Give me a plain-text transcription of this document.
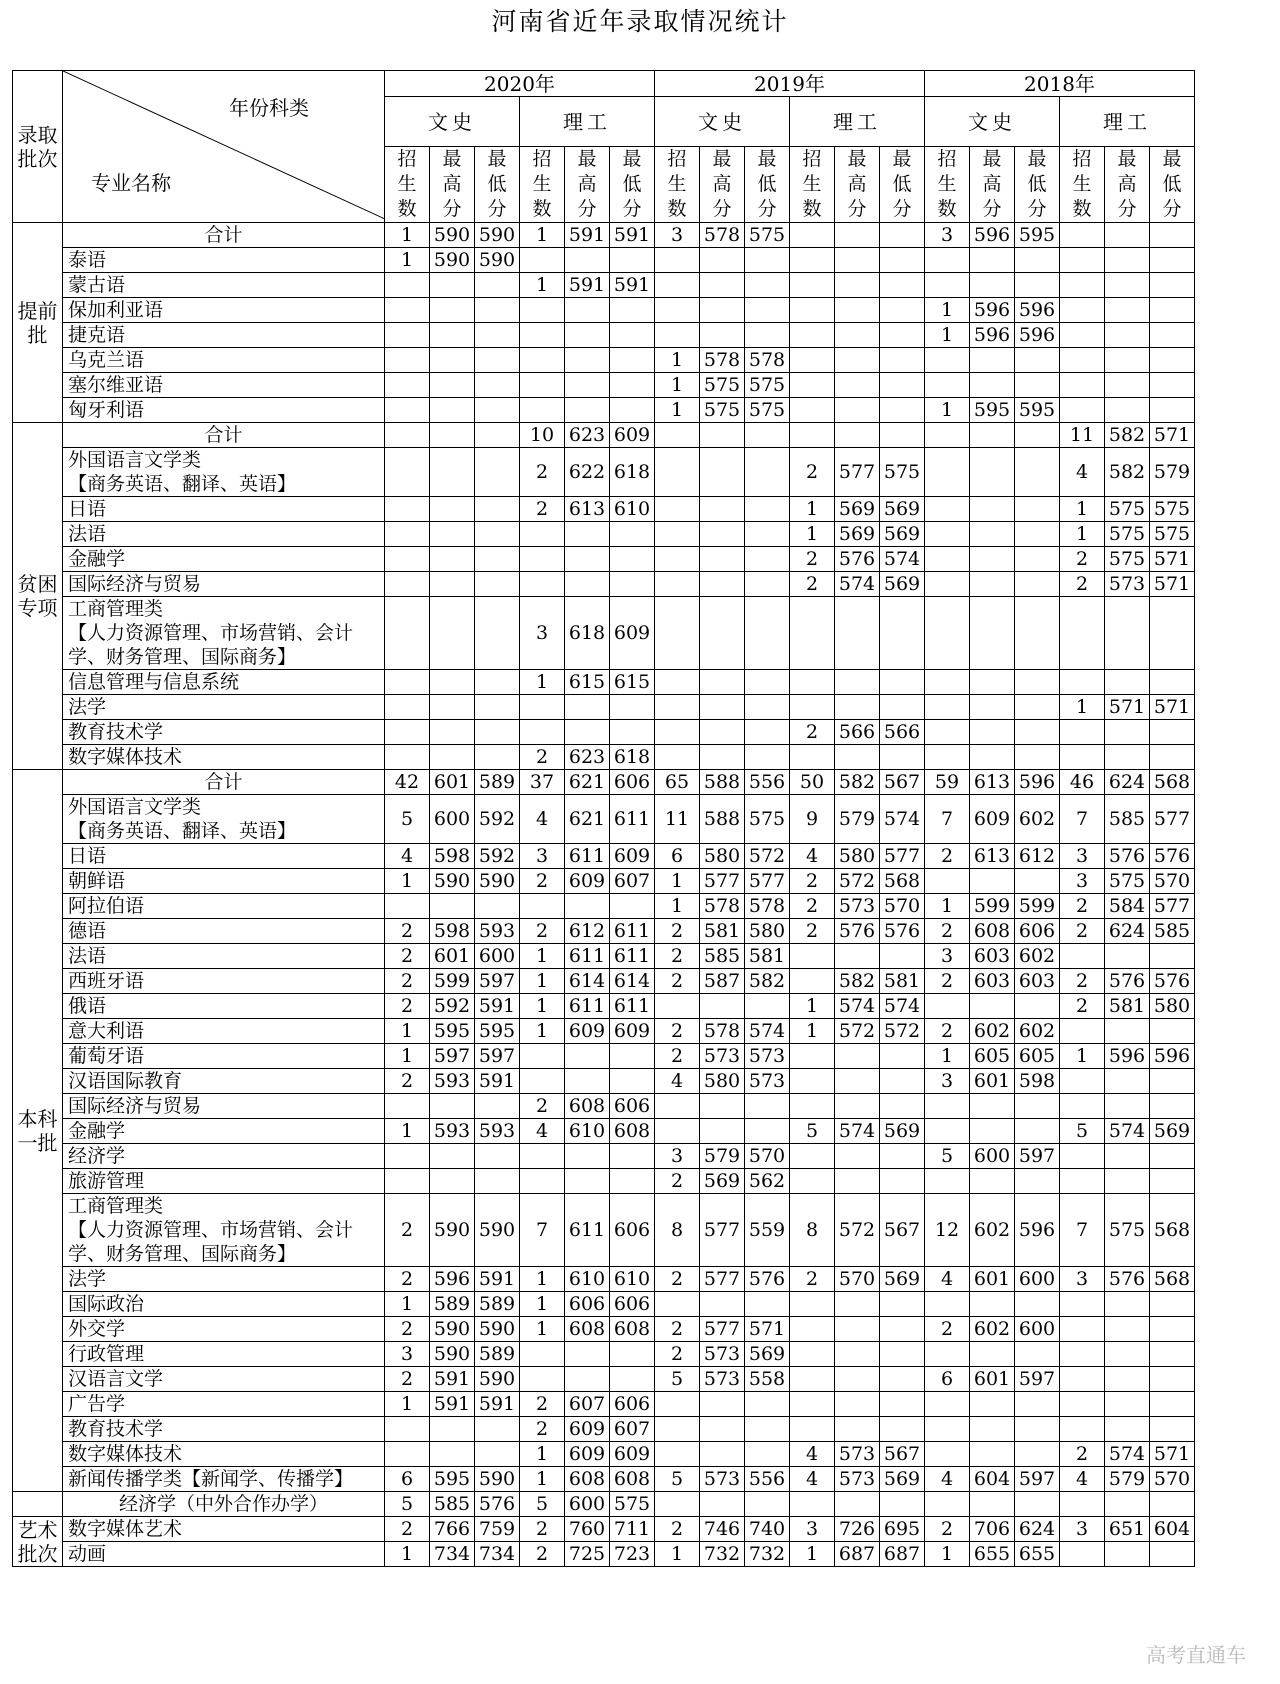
河南省近年录取情况统计
录取批次	年份科类
专业名称	2020年						2019年						2018年					
		文史			理工			文史			理工			文史			理工		
		招生数	最高分	最低分	招生数	最高分	最低分	招生数	最高分	最低分	招生数	最高分	最低分	招生数	最高分	最低分	招生数	最高分	最低分
提前批	合计	1	590	590	1	591	591	3	578	575				3	596	595			
	泰语	1	590	590															
	蒙古语				1	591	591												
	保加利亚语													1	596	596			
	捷克语													1	596	596			
	乌克兰语							1	578	578									
	塞尔维亚语							1	575	575									
	匈牙利语							1	575	575				1	595	595			
贫困专项	合计				10	623	609										11	582	571

	外国语言文学类
【商务英语、翻译、英语】				2	622	618				2	577	575				4	582	579
	日语				2	613	610				1	569	569				1	575	575
	法语										1	569	569				1	575	575
	金融学										2	576	574				2	575	571
	国际经济与贸易										2	574	569				2	573	571

	工商管理类
【人力资源管理、市场营销、会计学、财务管理、国际商务】				3	618	609												
	信息管理与信息系统				1	615	615												
	法学																1	571	571
	教育技术学										2	566	566						
	数字媒体技术				2	623	618												
本科一批	合计	42	601	589	37	621	606	65	588	556	50	582	567	59	613	596	46	624	568

	外国语言文学类
【商务英语、翻译、英语】	5	600	592	4	621	611	11	588	575	9	579	574	7	609	602	7	585	577
	日语	4	598	592	3	611	609	6	580	572	4	580	577	2	613	612	3	576	576
	朝鲜语	1	590	590	2	609	607	1	577	577	2	572	568				3	575	570
	阿拉伯语							1	578	578	2	573	570	1	599	599	2	584	577
	德语	2	598	593	2	612	611	2	581	580	2	576	576	2	608	606	2	624	585
	法语	2	601	600	1	611	611	2	585	581				3	603	602			
	西班牙语	2	599	597	1	614	614	2	587	582		582	581	2	603	603	2	576	576
	俄语	2	592	591	1	611	611				1	574	574				2	581	580
	意大利语	1	595	595	1	609	609	2	578	574	1	572	572	2	602	602			
	葡萄牙语	1	597	597				2	573	573				1	605	605	1	596	596
	汉语国际教育	2	593	591				4	580	573				3	601	598			
	国际经济与贸易				2	608	606												
	金融学	1	593	593	4	610	608				5	574	569				5	574	569
	经济学							3	579	570				5	600	597			
	旅游管理							2	569	562									

	工商管理类
【人力资源管理、市场营销、会计学、财务管理、国际商务】	2	590	590	7	611	606	8	577	559	8	572	567	12	602	596	7	575	568
	法学	2	596	591	1	610	610	2	577	576	2	570	569	4	601	600	3	576	568
	国际政治	1	589	589	1	606	606												
	外交学	2	590	590	1	608	608	2	577	571				2	602	600			
	行政管理	3	590	589				2	573	569									
	汉语言文学	2	591	590				5	573	558				6	601	597			
	广告学	1	591	591	2	607	606												
	教育技术学				2	609	607												
	数字媒体技术				1	609	609				4	573	567				2	574	571
	新闻传播学类【新闻学、传播学】	6	595	590	1	608	608	5	573	556	4	573	569	4	604	597	4	579	570
	经济学（中外合作办学）	5	585	576	5	600	575												
艺术批次	数字媒体艺术	2	766	759	2	760	711	2	746	740	3	726	695	2	706	624	3	651	604
	动画	1	734	734	2	725	723	1	732	732	1	687	687	1	655	655			
高考直通车
